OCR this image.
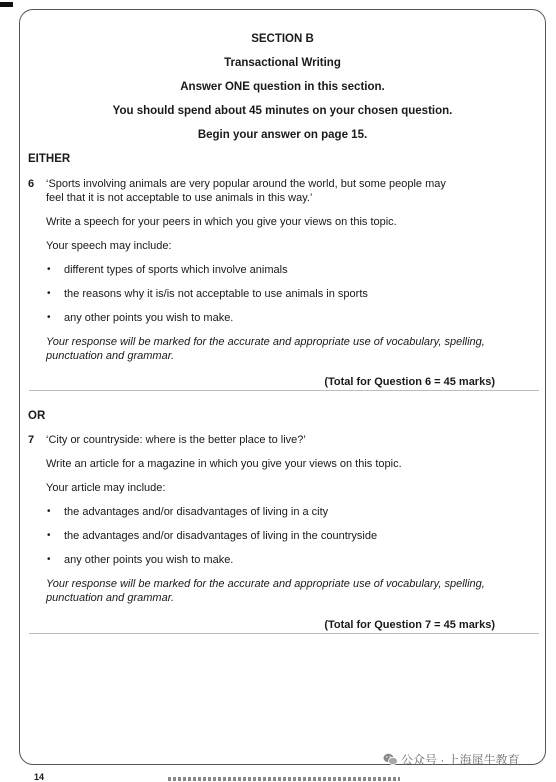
SECTION B
Transactional Writing
Answer ONE question in this section.
You should spend about 45 minutes on your chosen question.
Begin your answer on page 15.
EITHER
6 ‘Sports involving animals are very popular around the world, but some people may
feel that it is not acceptable to use animals in this way.’
Write a speech for your peers in which you give your views on this topic.
Your speech may include:
• different types of sports which involve animals
• the reasons why it is/is not acceptable to use animals in sports
• any other points you wish to make.
Your response will be marked for the accurate and appropriate use of vocabulary, spelling,
punctuation and grammar.
(Total for Question 6 = 45 marks)
OR
7 ‘City or countryside: where is the better place to live?’
Write an article for a magazine in which you give your views on this topic.
Your article may include:
• the advantages and/or disadvantages of living in a city
• the advantages and/or disadvantages of living in the countryside
• any other points you wish to make.
Your response will be marked for the accurate and appropriate use of vocabulary, spelling,
punctuation and grammar.
(Total for Question 7 = 45 marks)
公众号 · 上海犀牛教育
14
